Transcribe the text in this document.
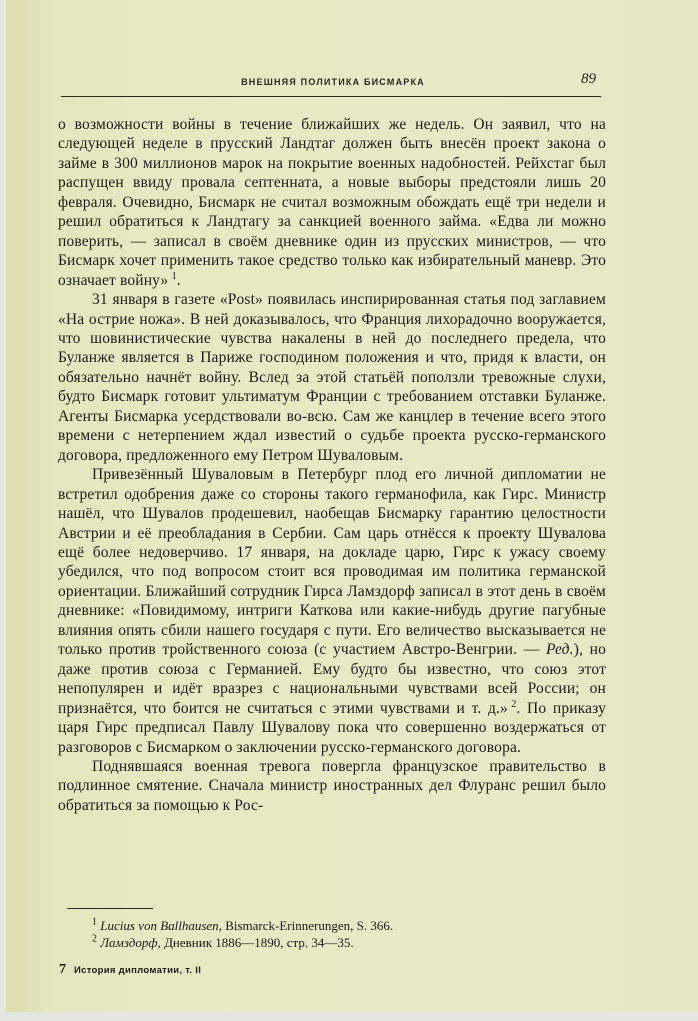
ВНЕШНЯЯ ПОЛИТИКА БИСМАРКА	89

о возможности войны в течение ближайших же недель. Он заявил, что на следующей неделе в прусский Ландтаг должен быть внесён проект закона о займе в 300 миллионов марок на покрытие военных надобностей. Рейхстаг был распущен ввиду провала септенната, а новые выборы предстояли лишь 20 февраля. Очевидно, Бисмарк не считал возможным обождать ещё три недели и решил обратиться к Ландтагу за санкцией военного займа. «Едва ли можно поверить, — записал в своём дневнике один из прусских министров, — что Бисмарк хочет применить такое средство только как избирательный маневр. Это означает войну»  $^1$.

31 января в газете «Post» появилась инспирированная статья под заглавием «На острие ножа». В ней доказывалось, что Франция лихорадочно вооружается, что шовинистические чувства накалены в ней до последнего предела, что Буланже является в Париже господином положения и что, придя к власти, он обязательно начнёт войну. Вслед за этой статьёй поползли тревожные слухи, будто Бисмарк готовит ультиматум Франции с требованием отставки Буланже. Агенты Бисмарка усердствовали во-всю. Сам же канцлер в течение всего этого времени с нетерпением ждал известий о судьбе проекта русско-германского договора, предложенного ему Петром Шуваловым.

Привезённый Шуваловым в Петербург плод его личной дипломатии не встретил одобрения даже со стороны такого германофила, как Гирс. Министр нашёл, что Шувалов продешевил, наобещав Бисмарку гарантию целостности Австрии и её преобладания в Сербии. Сам царь отнёсся к проекту Шувалова ещё более недоверчиво. 17 января, на докладе царю, Гирс к ужасу своему убедился, что под вопросом стоит вся проводимая им политика германской ориентации. Ближайший сотрудник Гирса Ламздорф записал в этот день в своём дневнике: «Повидимому, интриги Каткова или какие-нибудь другие пагубные влияния опять сбили нашего государя с пути. Его величество высказывается не только против тройственного союза (с участием Австро-Венгрии. — Ред.), но даже против союза с Германией. Ему будто бы известно, что союз этот непопулярен и идёт вразрез с национальными чувствами всей России; он признаётся, что боится не считаться с этими чувствами и т. д.»  $^2$. По приказу царя Гирс предписал Павлу Шувалову пока что совершенно воздержаться от разговоров с Бисмарком о заключении русско-германского договора.

Поднявшаяся военная тревога повергла французское правительство в подлинное смятение. Сначала министр иностранных дел Флуранс решил было обратиться за помощью к Рос-

$^1$ Lucius von Ballhausen, Bismarck-Erinnerungen, S. 366.
$^2$ Ламздорф, Дневник 1886—1890, стр. 34—35.
7 История дипломатии, т. II
